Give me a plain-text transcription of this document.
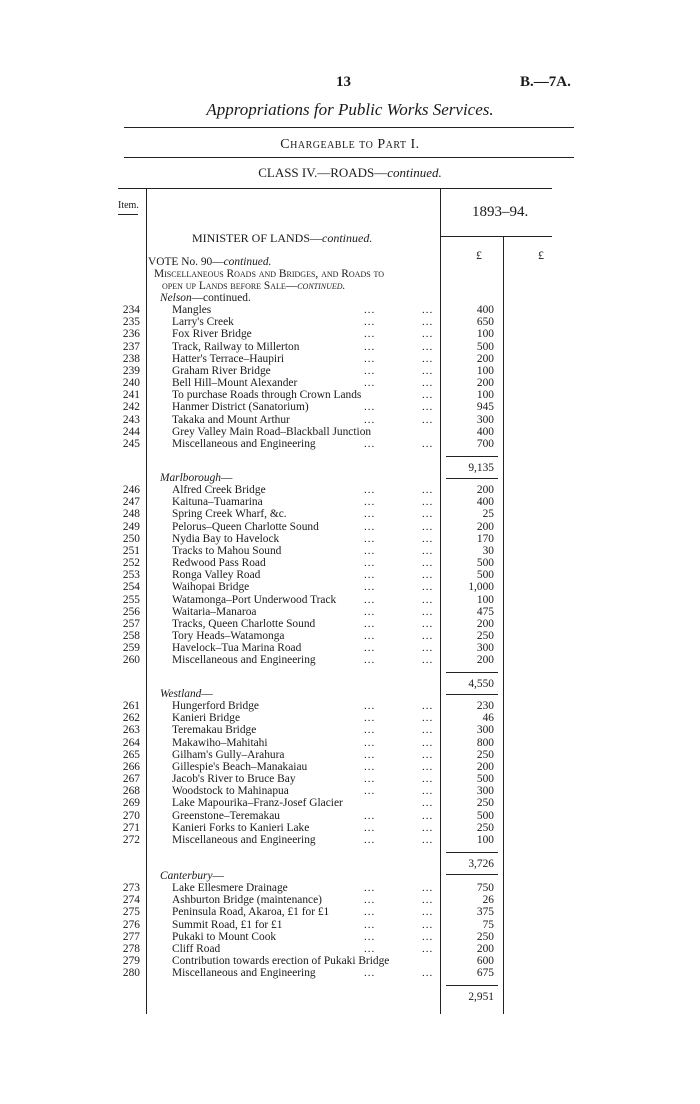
13	B.—7A.
Appropriations for Public Works Services.
Chargeable to Part I.
CLASS IV.—ROADS—continued.
Item.	1893–94.
MINISTER OF LANDS—continued.
£	£
VOTE No. 90—continued.
Miscellaneous Roads and Bridges, and Roads to
open up Lands before Sale—continued.
Nelson—continued.
234	Mangles	...	...	400
235	Larry's Creek	...	...	650
236	Fox River Bridge	...	...	100
237	Track, Railway to Millerton	...	...	500
238	Hatter's Terrace–Haupiri	...	...	200
239	Graham River Bridge	...	...	100
240	Bell Hill–Mount Alexander	...	...	200
241	To purchase Roads through Crown Lands	...	100
242	Hanmer District (Sanatorium)	...	...	945
243	Takaka and Mount Arthur	...	...	300
244	Grey Valley Main Road–Blackball Junction	400
245	Miscellaneous and Engineering	...	...	700
9,135
Marlborough—
246	Alfred Creek Bridge	...	...	200
247	Kaituna–Tuamarina	...	...	400
248	Spring Creek Wharf, &c.	...	...	25
249	Pelorus–Queen Charlotte Sound	...	...	200
250	Nydia Bay to Havelock	...	...	170
251	Tracks to Mahou Sound	...	...	30
252	Redwood Pass Road	...	...	500
253	Ronga Valley Road	...	...	500
254	Waihopai Bridge	...	...	1,000
255	Watamonga–Port Underwood Track	...	...	100
256	Waitaria–Manaroa	...	...	475
257	Tracks, Queen Charlotte Sound	...	...	200
258	Tory Heads–Watamonga	...	...	250
259	Havelock–Tua Marina Road	...	...	300
260	Miscellaneous and Engineering	...	...	200
4,550
Westland—
261	Hungerford Bridge	...	...	230
262	Kanieri Bridge	...	...	46
263	Teremakau Bridge	...	...	300
264	Makawiho–Mahitahi	...	...	800
265	Gilham's Gully–Arahura	...	...	250
266	Gillespie's Beach–Manakaiau	...	...	200
267	Jacob's River to Bruce Bay	...	...	500
268	Woodstock to Mahinapua	...	...	300
269	Lake Mapourika–Franz-Josef Glacier	...	250
270	Greenstone–Teremakau	...	...	500
271	Kanieri Forks to Kanieri Lake	...	...	250
272	Miscellaneous and Engineering	...	...	100
3,726
Canterbury—
273	Lake Ellesmere Drainage	...	...	750
274	Ashburton Bridge (maintenance)	...	...	26
275	Peninsula Road, Akaroa, £1 for £1	...	...	375
276	Summit Road, £1 for £1	...	...	75
277	Pukaki to Mount Cook	...	...	250
278	Cliff Road	...	...	200
279	Contribution towards erection of Pukaki Bridge	600
280	Miscellaneous and Engineering	...	...	675
2,951
